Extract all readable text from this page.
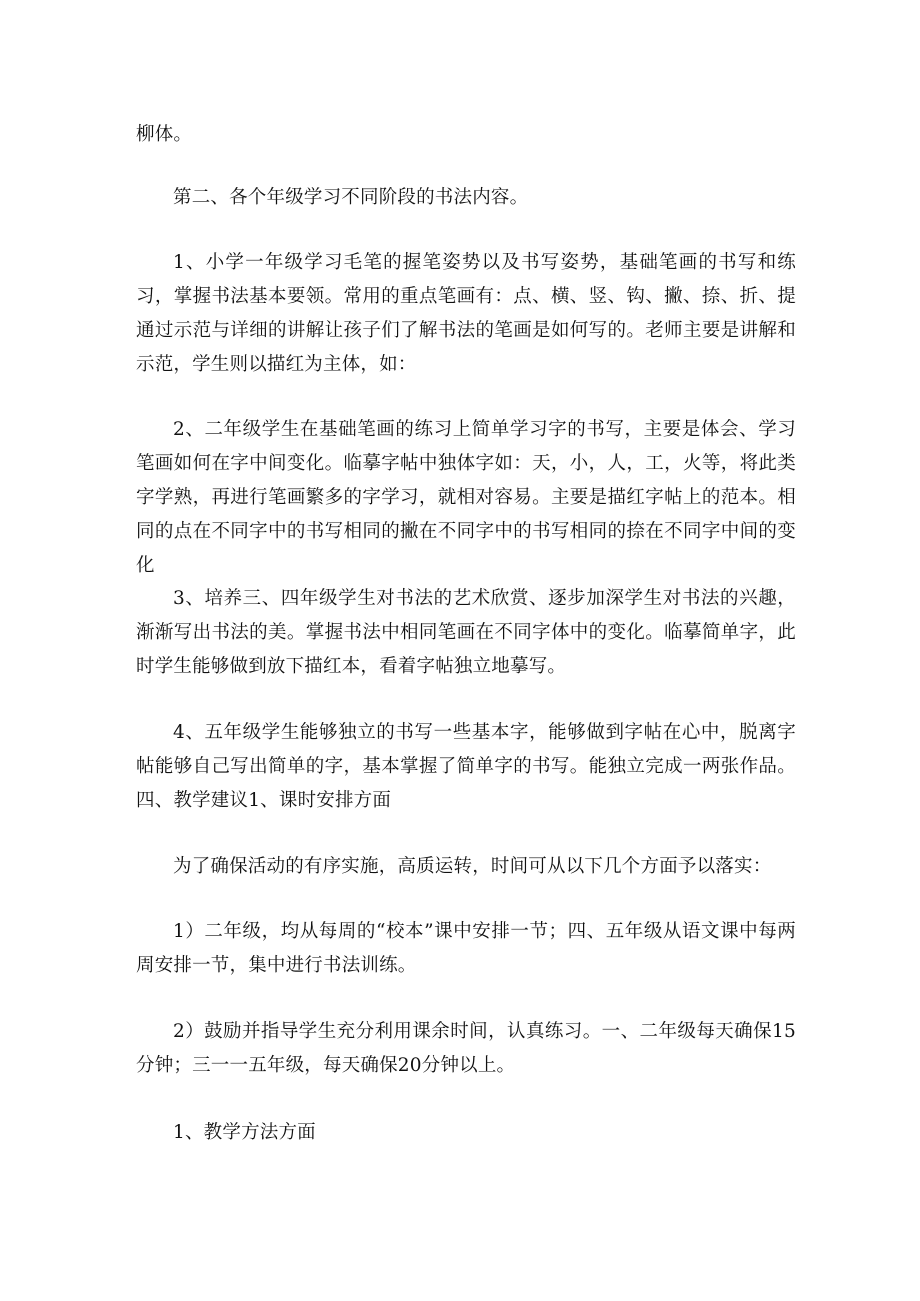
柳体。

第二、各个年级学习不同阶段的书法内容。

1、小学一年级学习毛笔的握笔姿势以及书写姿势，基础笔画的书写和练习，掌握书法基本要领。常用的重点笔画有：点、横、竖、钩、撇、捺、折、提通过示范与详细的讲解让孩子们了解书法的笔画是如何写的。老师主要是讲解和示范，学生则以描红为主体，如：

2、二年级学生在基础笔画的练习上简单学习字的书写，主要是体会、学习笔画如何在字中间变化。临摹字帖中独体字如：天，小，人，工，火等，将此类字学熟，再进行笔画繁多的字学习，就相对容易。主要是描红字帖上的范本。相同的点在不同字中的书写相同的撇在不同字中的书写相同的捺在不同字中间的变化

3、培养三、四年级学生对书法的艺术欣赏、逐步加深学生对书法的兴趣，渐渐写出书法的美。掌握书法中相同笔画在不同字体中的变化。临摹简单字，此时学生能够做到放下描红本，看着字帖独立地摹写。

4、五年级学生能够独立的书写一些基本字，能够做到字帖在心中，脱离字帖能够自己写出简单的字，基本掌握了简单字的书写。能独立完成一两张作品。四、教学建议1、课时安排方面

为了确保活动的有序实施，高质运转，时间可从以下几个方面予以落实：

1）二年级，均从每周的“校本”课中安排一节；四、五年级从语文课中每两周安排一节，集中进行书法训练。

2）鼓励并指导学生充分利用课余时间，认真练习。一、二年级每天确保15分钟；三一一五年级，每天确保20分钟以上。

1、教学方法方面
